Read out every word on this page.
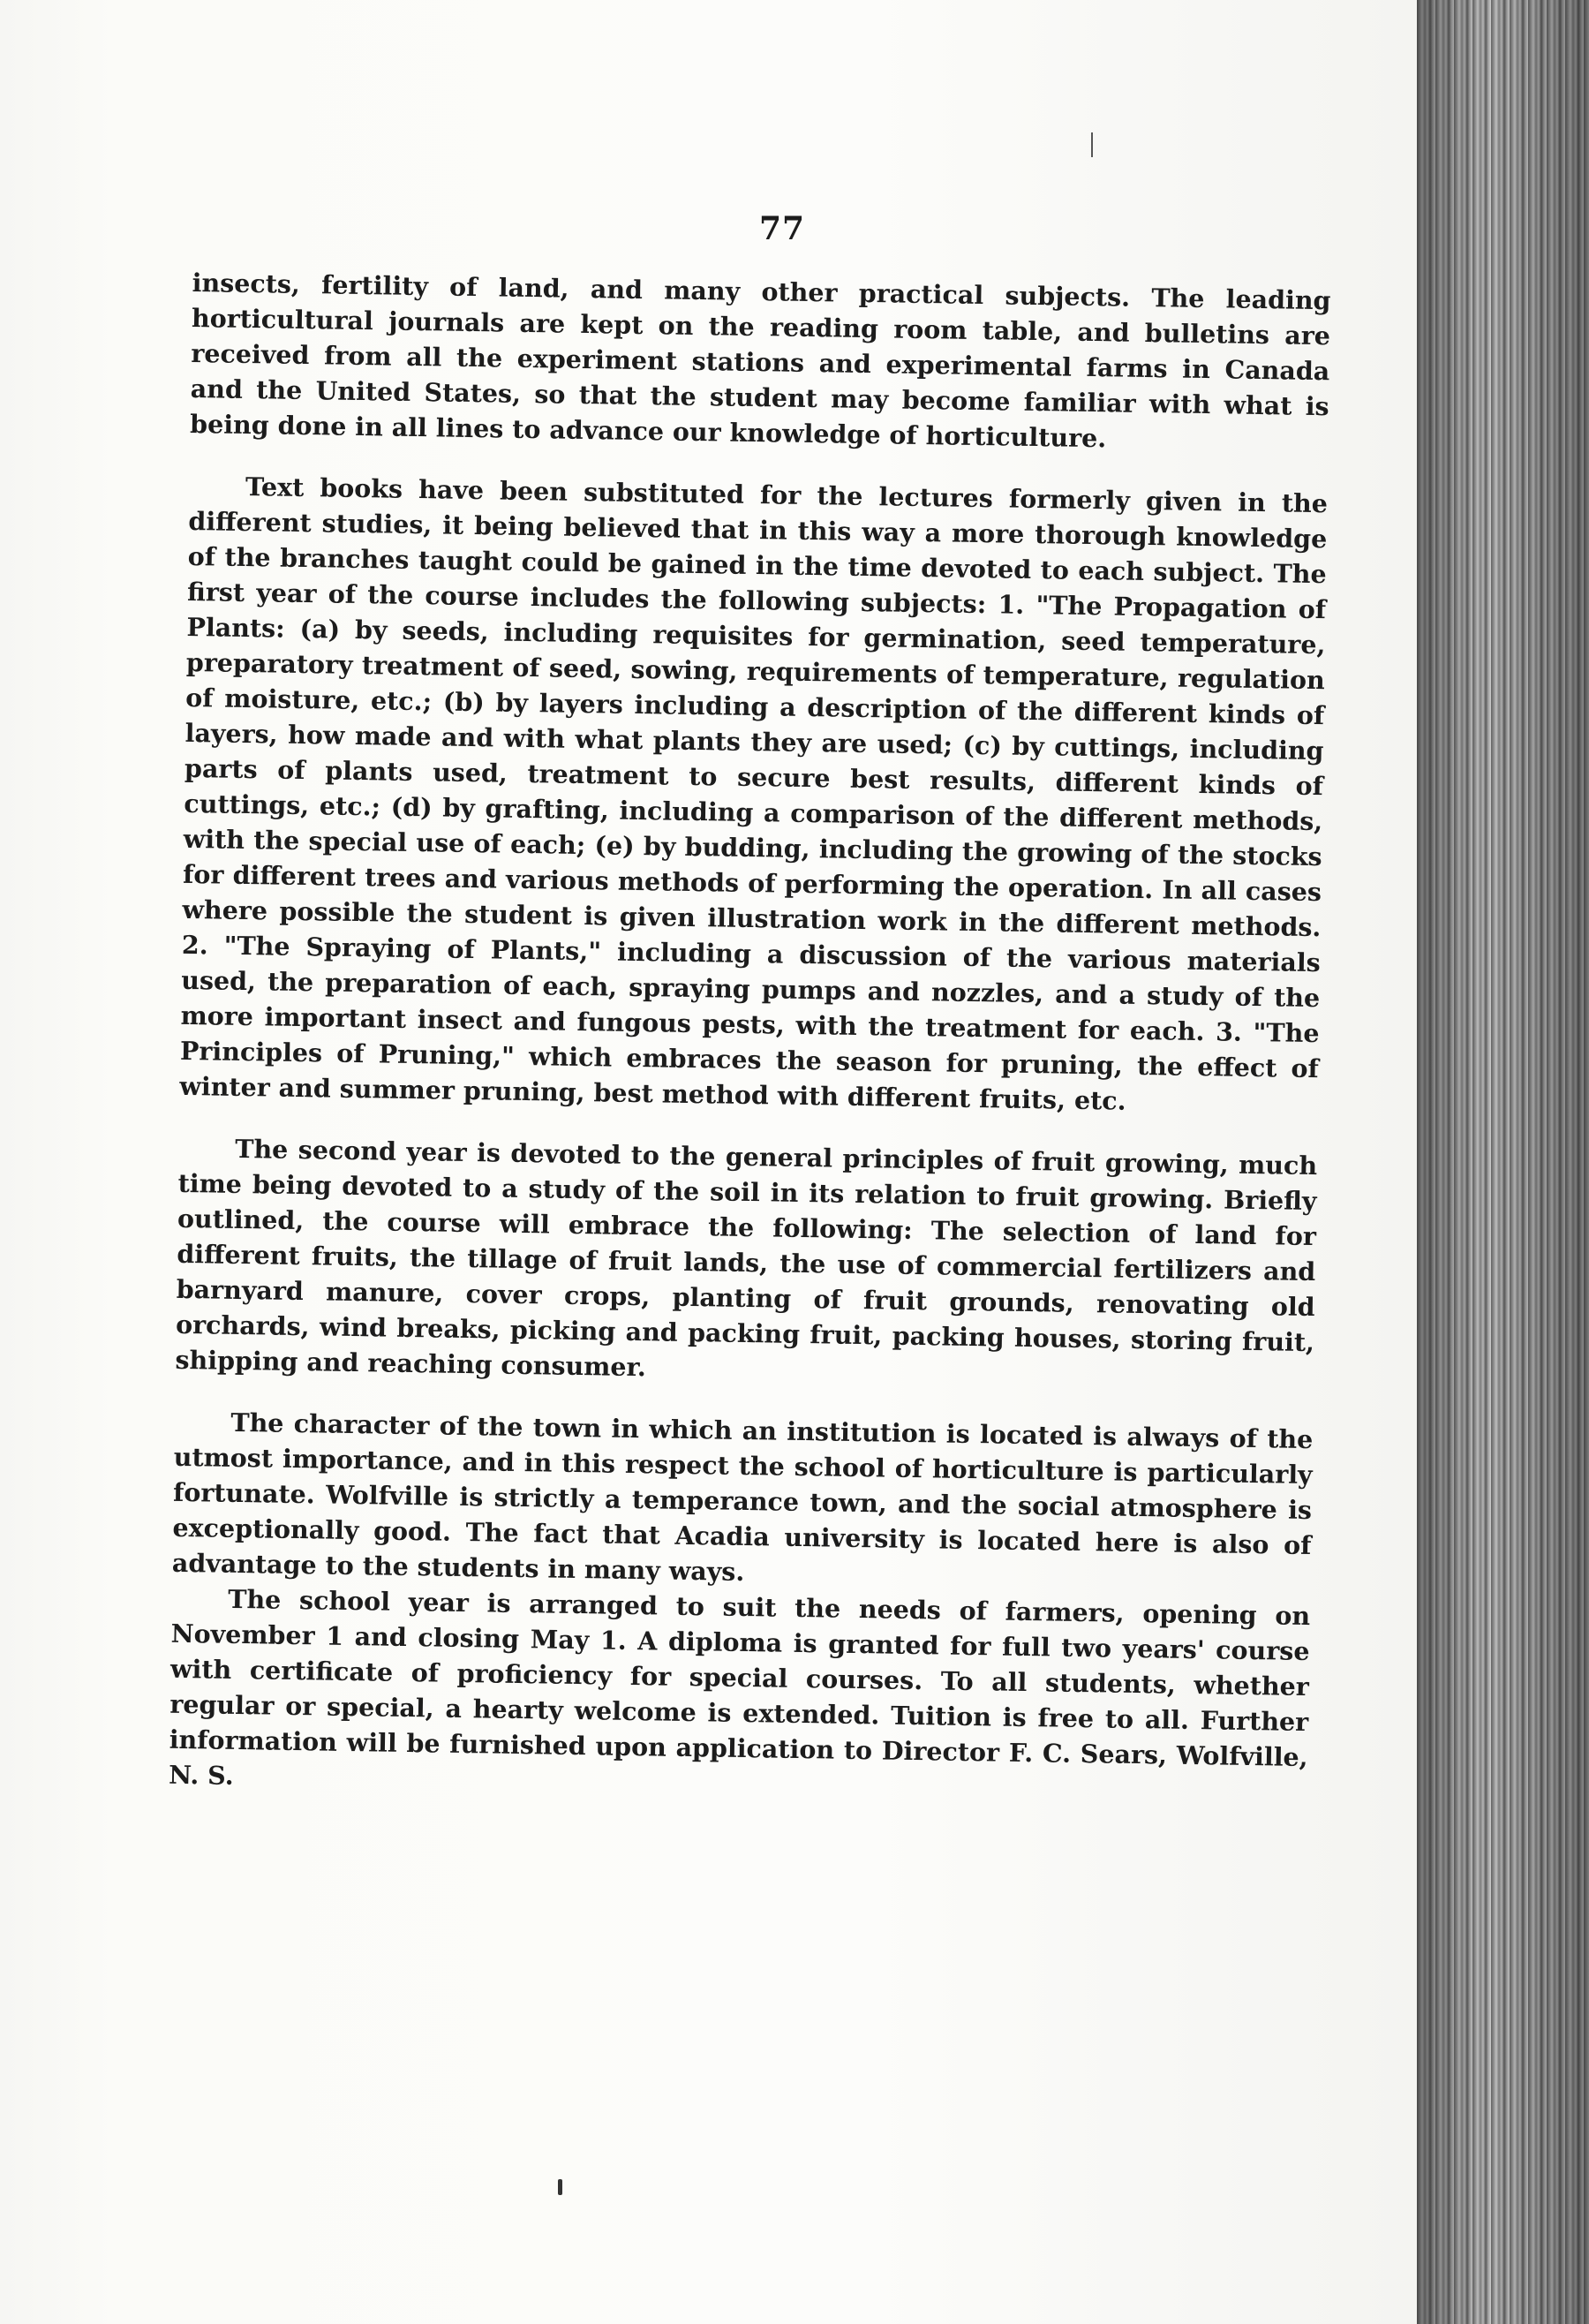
77

insects, fertility of land, and many other practical subjects. The leading horticultural journals are kept on the reading room table, and bulletins are received from all the experiment stations and experimental farms in Canada and the United States, so that the student may become familiar with what is being done in all lines to advance our knowledge of horticulture.

Text books have been substituted for the lectures formerly given in the different studies, it being believed that in this way a more thorough knowledge of the branches taught could be gained in the time devoted to each subject. The first year of the course includes the following subjects: 1. "The Propagation of Plants: (a) by seeds, including requisites for germination, seed temperature, preparatory treatment of seed, sowing, requirements of temperature, regulation of moisture, etc.; (b) by layers including a description of the different kinds of layers, how made and with what plants they are used; (c) by cuttings, including parts of plants used, treatment to secure best results, different kinds of cuttings, etc.; (d) by grafting, including a comparison of the different methods, with the special use of each; (e) by budding, including the growing of the stocks for different trees and various methods of performing the operation. In all cases where possible the student is given illustration work in the different methods. 2. "The Spraying of Plants," including a discussion of the various materials used, the preparation of each, spraying pumps and nozzles, and a study of the more important insect and fungous pests, with the treatment for each. 3. "The Principles of Pruning," which embraces the season for pruning, the effect of winter and summer pruning, best method with different fruits, etc.

The second year is devoted to the general principles of fruit growing, much time being devoted to a study of the soil in its relation to fruit growing. Briefly outlined, the course will embrace the following: The selection of land for different fruits, the tillage of fruit lands, the use of commercial fertilizers and barnyard manure, cover crops, planting of fruit grounds, renovating old orchards, wind breaks, picking and packing fruit, packing houses, storing fruit, shipping and reaching consumer.

The character of the town in which an institution is located is always of the utmost importance, and in this respect the school of horticulture is particularly fortunate. Wolfville is strictly a temperance town, and the social atmosphere is exceptionally good. The fact that Acadia university is located here is also of advantage to the students in many ways.

The school year is arranged to suit the needs of farmers, opening on November 1 and closing May 1. A diploma is granted for full two years' course with certificate of proficiency for special courses. To all students, whether regular or special, a hearty welcome is extended. Tuition is free to all. Further information will be furnished upon application to Director F. C. Sears, Wolfville, N. S.
